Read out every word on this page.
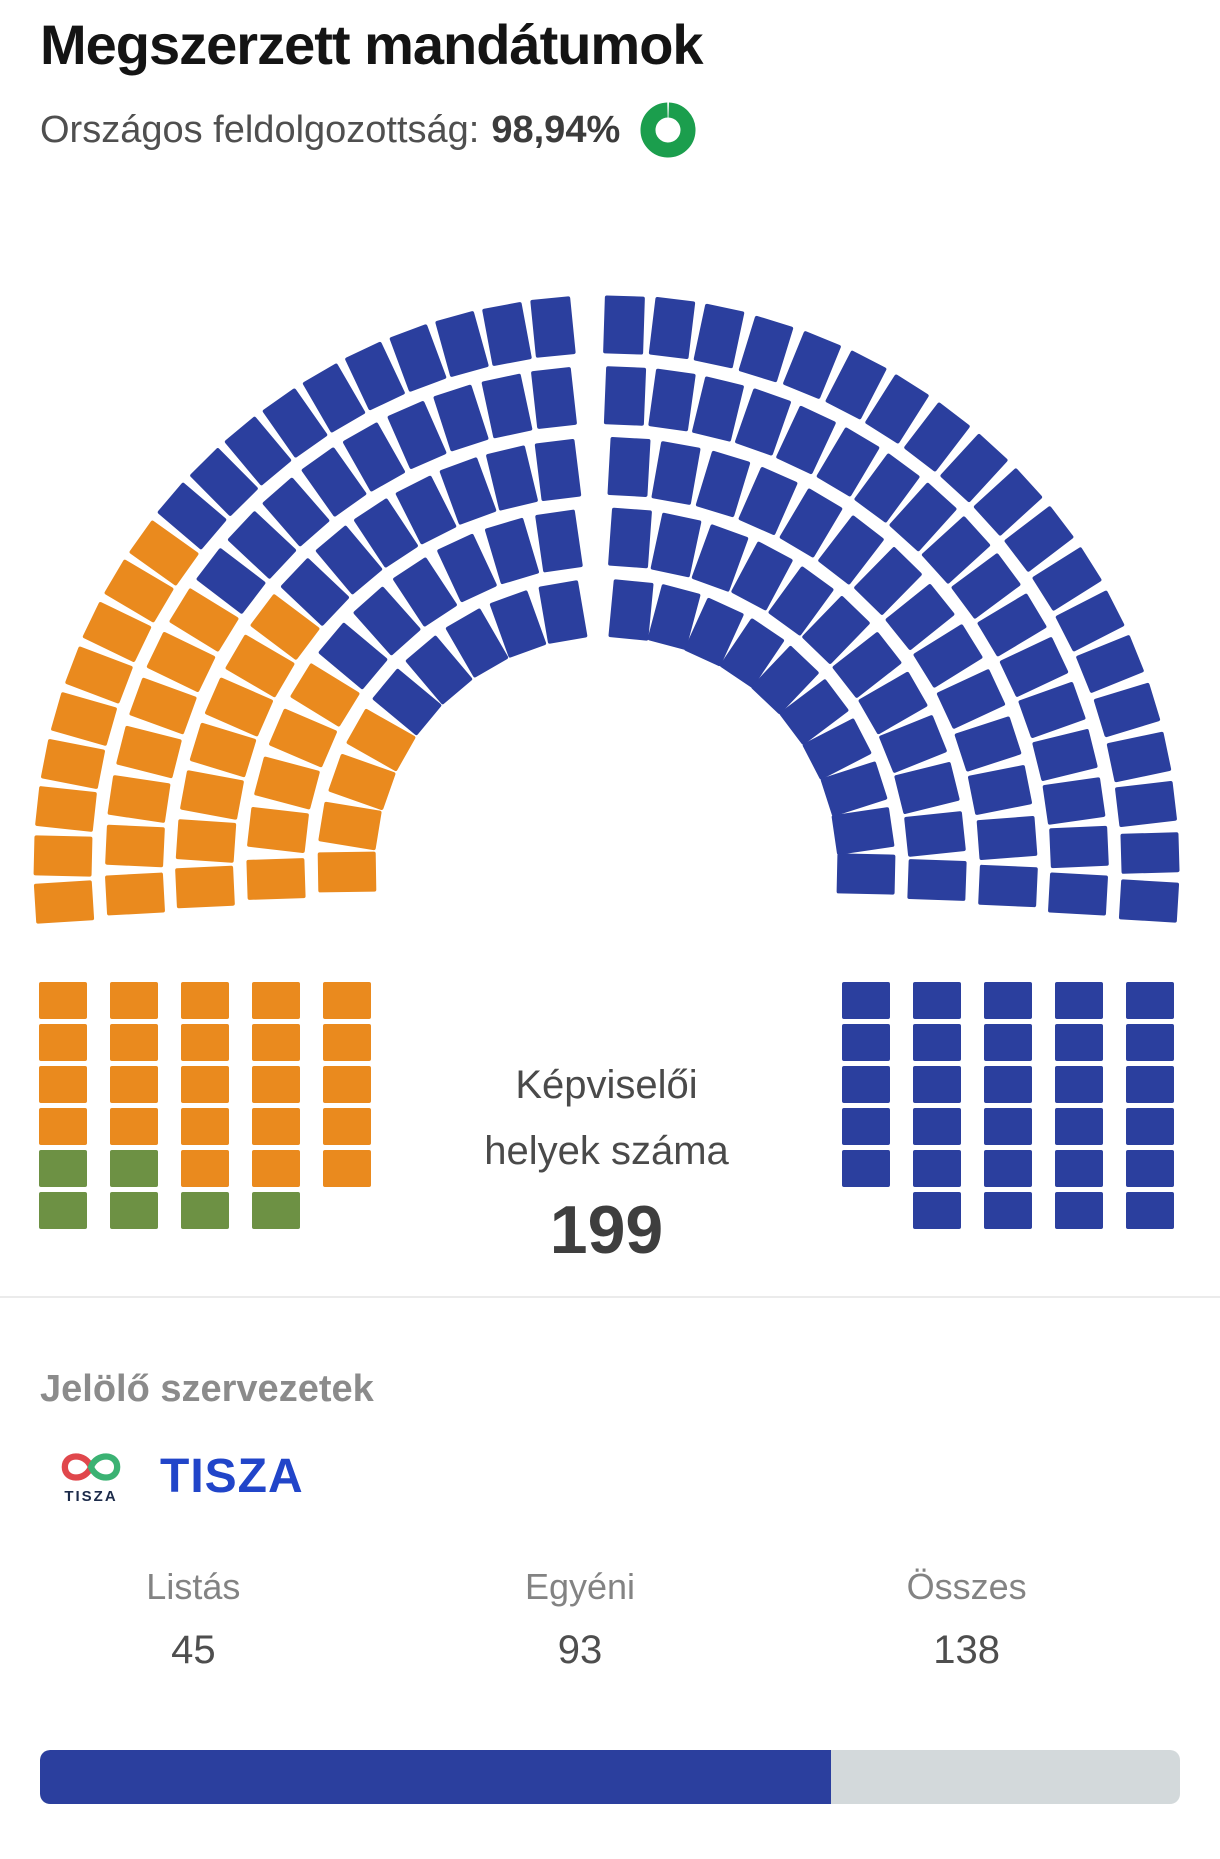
Megszerzett mandátumok
Országos feldolgozottság: 98,94%
Képviselői
helyek száma
199
Jelölő szervezetek
TISZA TISZA
Listás
45
Egyéni
93
Összes
138
